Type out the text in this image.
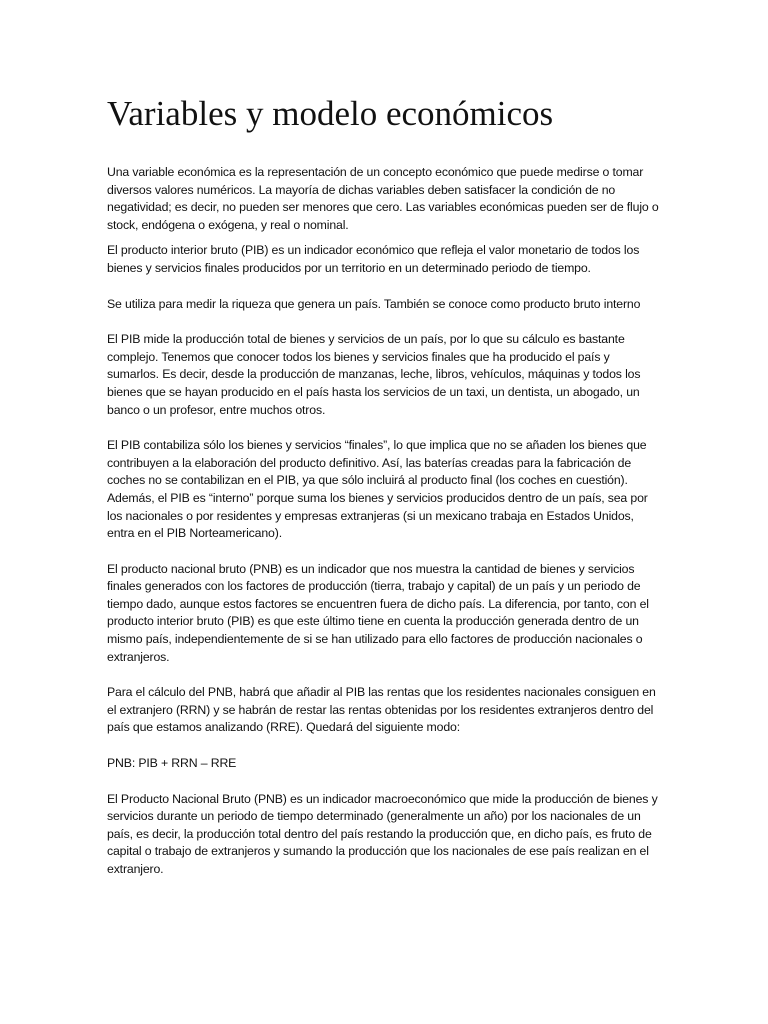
Variables y modelo económicos

Una variable económica es la representación de un concepto económico que puede medirse o tomar diversos valores numéricos. La mayoría de dichas variables deben satisfacer la condición de no negatividad; es decir, no pueden ser menores que cero. Las variables económicas pueden ser de flujo o stock, endógena o exógena, y real o nominal.

El producto interior bruto (PIB) es un indicador económico que refleja el valor monetario de todos los bienes y servicios finales producidos por un territorio en un determinado periodo de tiempo.

Se utiliza para medir la riqueza que genera un país. También se conoce como producto bruto interno

El PIB mide la producción total de bienes y servicios de un país, por lo que su cálculo es bastante complejo. Tenemos que conocer todos los bienes y servicios finales que ha producido el país y sumarlos. Es decir, desde la producción de manzanas, leche, libros, vehículos, máquinas y todos los bienes que se hayan producido en el país hasta los servicios de un taxi, un dentista, un abogado, un banco o un profesor, entre muchos otros.

El PIB contabiliza sólo los bienes y servicios “finales”, lo que implica que no se añaden los bienes que contribuyen a la elaboración del producto definitivo. Así, las baterías creadas para la fabricación de coches no se contabilizan en el PIB, ya que sólo incluirá al producto final (los coches en cuestión). Además, el PIB es “interno” porque suma los bienes y servicios producidos dentro de un país, sea por los nacionales o por residentes y empresas extranjeras (si un mexicano trabaja en Estados Unidos, entra en el PIB Norteamericano).

El producto nacional bruto (PNB) es un indicador que nos muestra la cantidad de bienes y servicios finales generados con los factores de producción (tierra, trabajo y capital) de un país y un periodo de tiempo dado, aunque estos factores se encuentren fuera de dicho país. La diferencia, por tanto, con el producto interior bruto (PIB) es que este último tiene en cuenta la producción generada dentro de un mismo país, independientemente de si se han utilizado para ello factores de producción nacionales o extranjeros.

Para el cálculo del PNB, habrá que añadir al PIB las rentas que los residentes nacionales consiguen en el extranjero (RRN) y se habrán de restar las rentas obtenidas por los residentes extranjeros dentro del país que estamos analizando (RRE). Quedará del siguiente modo:

PNB: PIB + RRN – RRE

El Producto Nacional Bruto (PNB) es un indicador macroeconómico que mide la producción de bienes y servicios durante un periodo de tiempo determinado (generalmente un año) por los nacionales de un país, es decir, la producción total dentro del país restando la producción que, en dicho país, es fruto de capital o trabajo de extranjeros y sumando la producción que los nacionales de ese país realizan en el extranjero.
